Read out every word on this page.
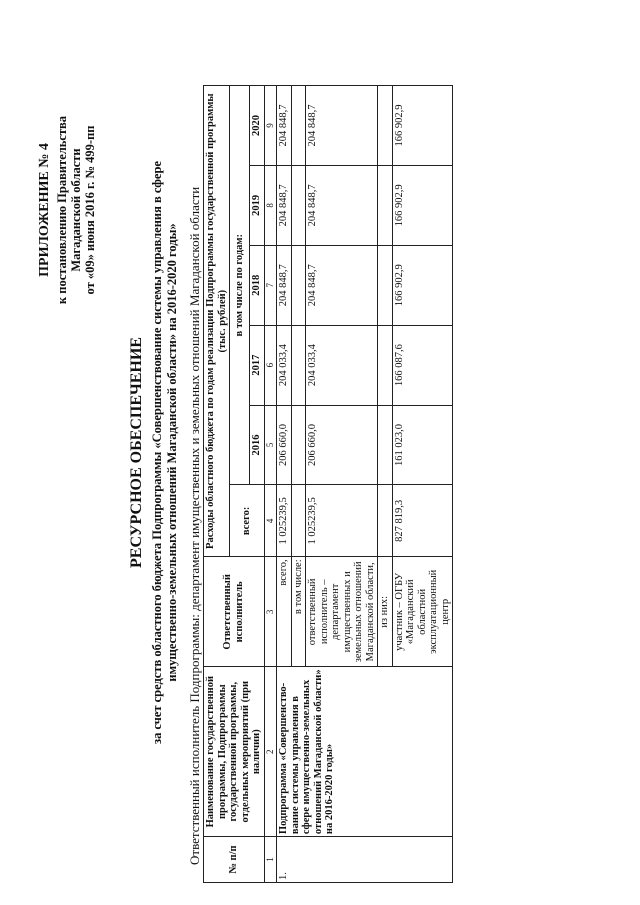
ПРИЛОЖЕНИЕ № 4 к постановлению Правительства Магаданской области от «09» июня 2016 г. № 499-пп
РЕСУРСНОЕ ОБЕСПЕЧЕНИЕ за счет средств областного бюджета Подпрограммы «Совершенствование системы управления в сфере имущественно-земельных отношений Магаданской области» на 2016-2020 годы» Ответственный исполнитель Подпрограммы: департамент имущественных и земельных отношений Магаданской области № п/п	Наименование государственной программы, Подпрограммы государственной программы, отдельных мероприятий (при наличии)	Ответственный исполнитель	Расходы областного бюджета по годам реализации Подпрограммы государственной программы (тыс. рублей)					
			всего:	в том числе по годам:				
				2016	2017	2018	2019	2020
1	2	3	4	5	6	7	8	9
1.	Подпрограмма «Совершенство-вание системы управления в сфере имущественно-земельных отношений Магаданской области» на 2016-2020 годы»	всего,	1 025239,5	206 660,0	204 033,4	204 848,7	204 848,7	204 848,7
		в том числе:						
		ответственный исполнитель – департамент имущественных и земельных отношений Магаданской области,	1 025239,5	206 660,0	204 033,4	204 848,7	204 848,7	204 848,7
		из них:						
		участник – ОГБУ «Магаданский областной эксплуатационный центр	827 819,3	161 023,0	166 087,6	166 902,9	166 902,9	166 902,9
